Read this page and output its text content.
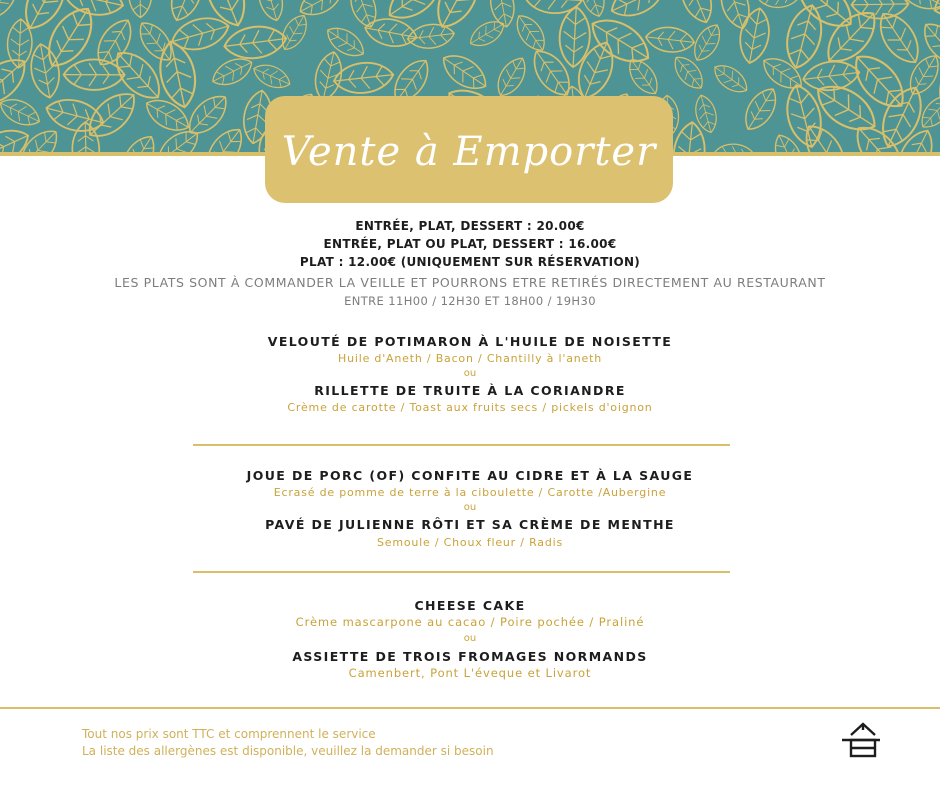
Vente à Emporter
ENTRÉE, PLAT, DESSERT : 20.00€
ENTRÉE, PLAT OU PLAT, DESSERT : 16.00€
PLAT : 12.00€ (UNIQUEMENT SUR RÉSERVATION)
LES PLATS SONT À COMMANDER LA VEILLE ET POURRONS ETRE RETIRÉS DIRECTEMENT AU RESTAURANT
ENTRE 11H00 / 12H30 ET 18H00 / 19H30
VELOUTÉ DE POTIMARON À L'HUILE DE NOISETTE
Huile d'Aneth / Bacon / Chantilly à l'aneth
ou
RILLETTE DE TRUITE À LA CORIANDRE
Crème de carotte / Toast aux fruits secs / pickels d'oignon
JOUE DE PORC (OF) CONFITE AU CIDRE ET À LA SAUGE
Ecrasé de pomme de terre à la ciboulette / Carotte /Aubergine
ou
PAVÉ DE JULIENNE RÔTI ET SA CRÈME DE MENTHE
Semoule / Choux fleur / Radis
CHEESE CAKE
Crème mascarpone au cacao / Poire pochée / Praliné
ou
ASSIETTE DE TROIS FROMAGES NORMANDS
Camenbert, Pont L'éveque et Livarot
Tout nos prix sont TTC et comprennent le service
La liste des allergènes est disponible, veuillez la demander si besoin
